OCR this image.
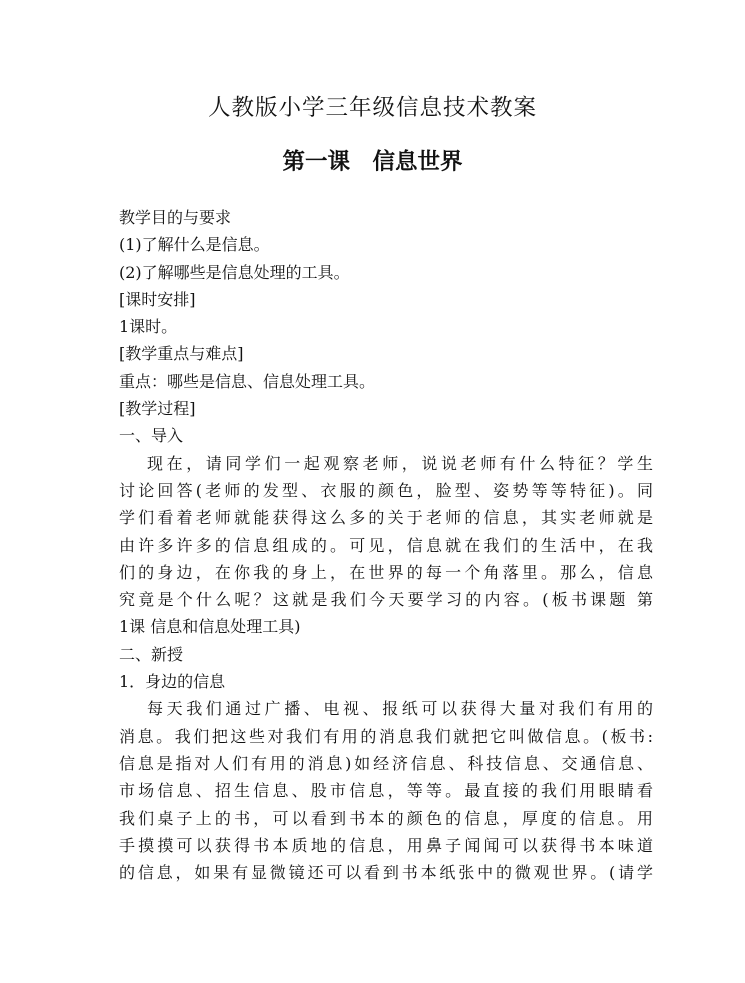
人教版小学三年级信息技术教案
第一课　信息世界
教学目的与要求
(1)了解什么是信息。
(2)了解哪些是信息处理的工具。
[课时安排]
1课时。
[教学重点与难点]
重点：哪些是信息、信息处理工具。
[教学过程]
一、导入
现在，请同学们一起观察老师，说说老师有什么特征？学生
讨论回答(老师的发型、衣服的颜色，脸型、姿势等等特征)。同
学们看着老师就能获得这么多的关于老师的信息，其实老师就是
由许多许多的信息组成的。可见，信息就在我们的生活中，在我
们的身边，在你我的身上，在世界的每一个角落里。那么，信息
究竟是个什么呢？这就是我们今天要学习的内容。(板书课题 第
1课 信息和信息处理工具)
二、新授
1．身边的信息
每天我们通过广播、电视、报纸可以获得大量对我们有用的
消息。我们把这些对我们有用的消息我们就把它叫做信息。(板书:
信息是指对人们有用的消息)如经济信息、科技信息、交通信息、
市场信息、招生信息、股市信息，等等。最直接的我们用眼睛看
我们桌子上的书，可以看到书本的颜色的信息，厚度的信息。用
手摸摸可以获得书本质地的信息，用鼻子闻闻可以获得书本味道
的信息，如果有显微镜还可以看到书本纸张中的微观世界。(请学
